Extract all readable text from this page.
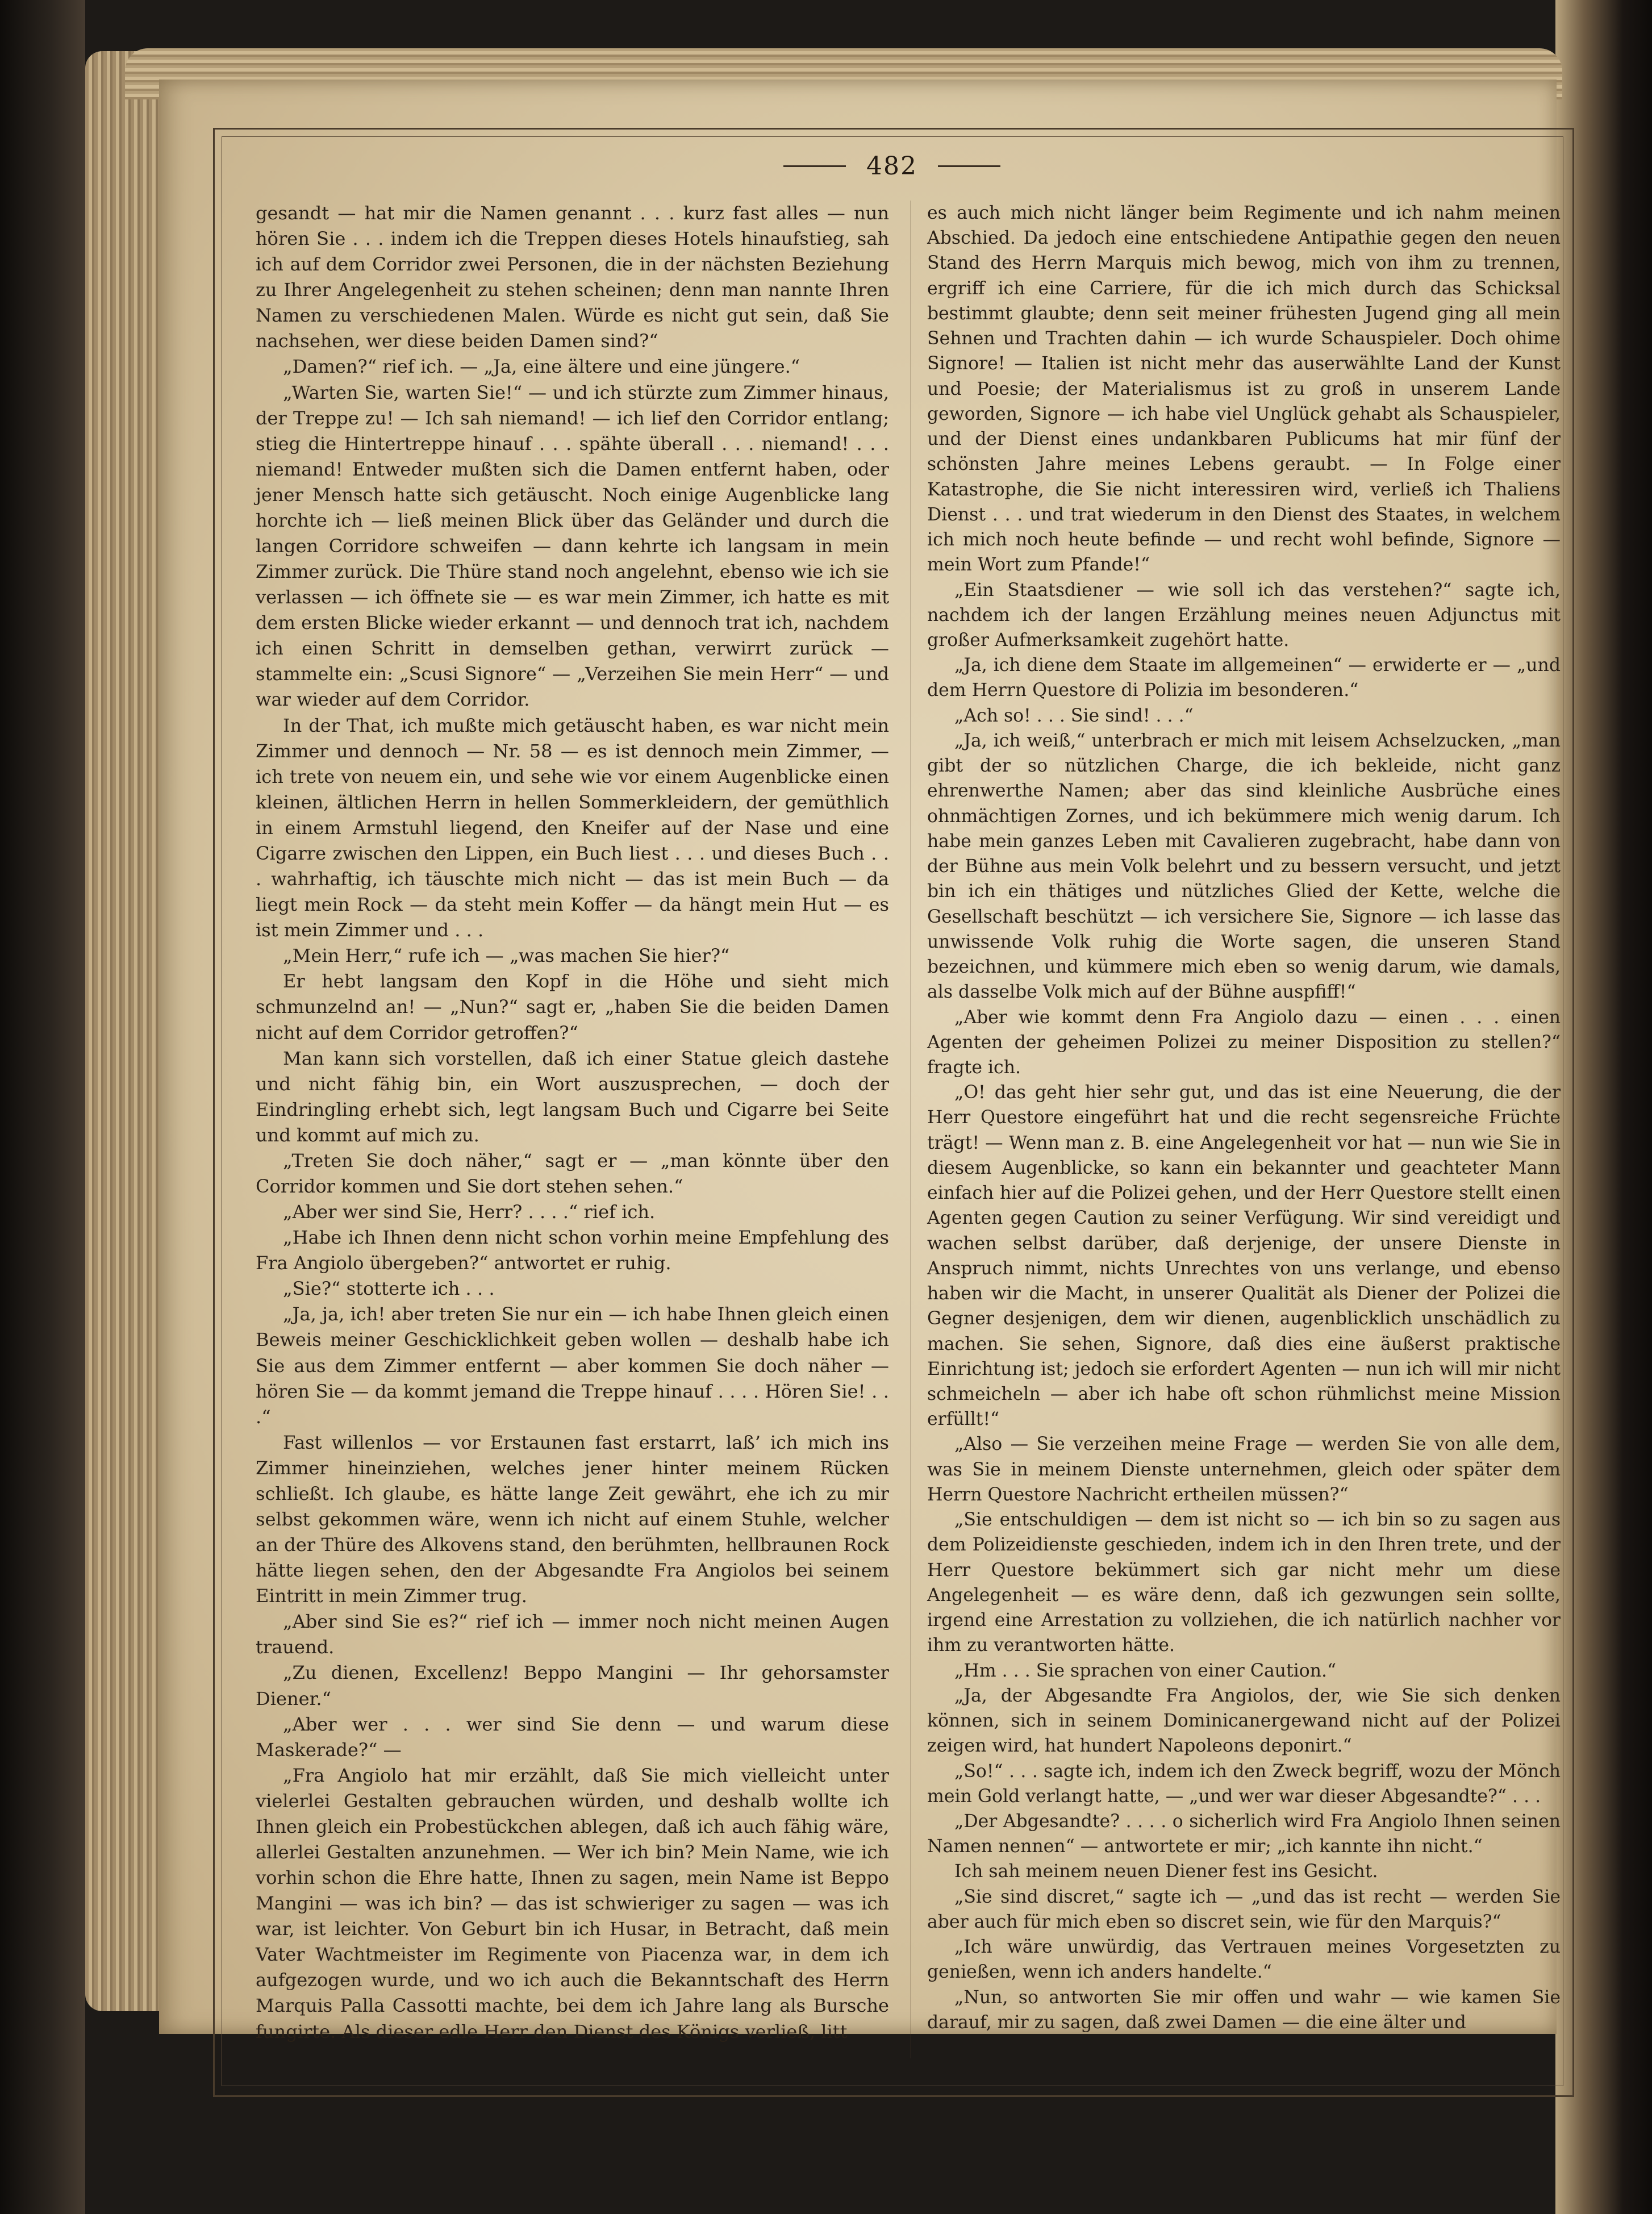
482

gesandt — hat mir die Namen genannt . . . kurz fast alles — nun hören Sie . . . indem ich die Treppen dieses Hotels hinaufstieg, sah ich auf dem Corridor zwei Personen, die in der nächsten Beziehung zu Ihrer Angelegenheit zu stehen scheinen; denn man nannte Ihren Namen zu verschiedenen Malen. Würde es nicht gut sein, daß Sie nachsehen, wer diese beiden Damen sind?“

„Damen?“ rief ich. — „Ja, eine ältere und eine jüngere.“

„Warten Sie, warten Sie!“ — und ich stürzte zum Zimmer hinaus, der Treppe zu! — Ich sah niemand! — ich lief den Corridor entlang; stieg die Hintertreppe hinauf . . . spähte überall . . . niemand! . . . niemand! Entweder mußten sich die Damen entfernt haben, oder jener Mensch hatte sich getäuscht. Noch einige Augenblicke lang horchte ich — ließ meinen Blick über das Geländer und durch die langen Corridore schweifen — dann kehrte ich langsam in mein Zimmer zurück. Die Thüre stand noch angelehnt, ebenso wie ich sie verlassen — ich öffnete sie — es war mein Zimmer, ich hatte es mit dem ersten Blicke wieder erkannt — und dennoch trat ich, nachdem ich einen Schritt in demselben gethan, verwirrt zurück — stammelte ein: „Scusi Signore“ — „Verzeihen Sie mein Herr“ — und war wieder auf dem Corridor.

In der That, ich mußte mich getäuscht haben, es war nicht mein Zimmer und dennoch — Nr. 58 — es ist dennoch mein Zimmer, — ich trete von neuem ein, und sehe wie vor einem Augenblicke einen kleinen, ältlichen Herrn in hellen Sommerkleidern, der gemüthlich in einem Armstuhl liegend, den Kneifer auf der Nase und eine Cigarre zwischen den Lippen, ein Buch liest . . . und dieses Buch . . . wahrhaftig, ich täuschte mich nicht — das ist mein Buch — da liegt mein Rock — da steht mein Koffer — da hängt mein Hut — es ist mein Zimmer und . . .

„Mein Herr,“ rufe ich — „was machen Sie hier?“

Er hebt langsam den Kopf in die Höhe und sieht mich schmunzelnd an! — „Nun?“ sagt er, „haben Sie die beiden Damen nicht auf dem Corridor getroffen?“

Man kann sich vorstellen, daß ich einer Statue gleich dastehe und nicht fähig bin, ein Wort auszusprechen, — doch der Eindringling erhebt sich, legt langsam Buch und Cigarre bei Seite und kommt auf mich zu.

„Treten Sie doch näher,“ sagt er — „man könnte über den Corridor kommen und Sie dort stehen sehen.“

„Aber wer sind Sie, Herr? . . . .“ rief ich.

„Habe ich Ihnen denn nicht schon vorhin meine Empfehlung des Fra Angiolo übergeben?“ antwortet er ruhig.

„Sie?“ stotterte ich . . .

„Ja, ja, ich! aber treten Sie nur ein — ich habe Ihnen gleich einen Beweis meiner Geschicklichkeit geben wollen — deshalb habe ich Sie aus dem Zimmer entfernt — aber kommen Sie doch näher — hören Sie — da kommt jemand die Treppe hinauf . . . . Hören Sie! . . .“

Fast willenlos — vor Erstaunen fast erstarrt, laß’ ich mich ins Zimmer hineinziehen, welches jener hinter meinem Rücken schließt. Ich glaube, es hätte lange Zeit gewährt, ehe ich zu mir selbst gekommen wäre, wenn ich nicht auf einem Stuhle, welcher an der Thüre des Alkovens stand, den berühmten, hellbraunen Rock hätte liegen sehen, den der Abgesandte Fra Angiolos bei seinem Eintritt in mein Zimmer trug.

„Aber sind Sie es?“ rief ich — immer noch nicht meinen Augen trauend.

„Zu dienen, Excellenz! Beppo Mangini — Ihr gehorsamster Diener.“

„Aber wer . . . wer sind Sie denn — und warum diese Maskerade?“ —

„Fra Angiolo hat mir erzählt, daß Sie mich vielleicht unter vielerlei Gestalten gebrauchen würden, und deshalb wollte ich Ihnen gleich ein Probestückchen ablegen, daß ich auch fähig wäre, allerlei Gestalten anzunehmen. — Wer ich bin? Mein Name, wie ich vorhin schon die Ehre hatte, Ihnen zu sagen, mein Name ist Beppo Mangini — was ich bin? — das ist schwieriger zu sagen — was ich war, ist leichter. Von Geburt bin ich Husar, in Betracht, daß mein Vater Wachtmeister im Regimente von Piacenza war, in dem ich aufgezogen wurde, und wo ich auch die Bekanntschaft des Herrn Marquis Palla Cassotti machte, bei dem ich Jahre lang als Bursche fungirte. Als dieser edle Herr den Dienst des Königs verließ, litt

es auch mich nicht länger beim Regimente und ich nahm meinen Abschied. Da jedoch eine entschiedene Antipathie gegen den neuen Stand des Herrn Marquis mich bewog, mich von ihm zu trennen, ergriff ich eine Carriere, für die ich mich durch das Schicksal bestimmt glaubte; denn seit meiner frühesten Jugend ging all mein Sehnen und Trachten dahin — ich wurde Schauspieler. Doch ohime Signore! — Italien ist nicht mehr das auserwählte Land der Kunst und Poesie; der Materialismus ist zu groß in unserem Lande geworden, Signore — ich habe viel Unglück gehabt als Schauspieler, und der Dienst eines undankbaren Publicums hat mir fünf der schönsten Jahre meines Lebens geraubt. — In Folge einer Katastrophe, die Sie nicht interessiren wird, verließ ich Thaliens Dienst . . . und trat wiederum in den Dienst des Staates, in welchem ich mich noch heute befinde — und recht wohl befinde, Signore — mein Wort zum Pfande!“

„Ein Staatsdiener — wie soll ich das verstehen?“ sagte ich, nachdem ich der langen Erzählung meines neuen Adjunctus mit großer Aufmerksamkeit zugehört hatte.

„Ja, ich diene dem Staate im allgemeinen“ — erwiderte er — „und dem Herrn Questore di Polizia im besonderen.“

„Ach so! . . . Sie sind! . . .“

„Ja, ich weiß,“ unterbrach er mich mit leisem Achselzucken, „man gibt der so nützlichen Charge, die ich bekleide, nicht ganz ehrenwerthe Namen; aber das sind kleinliche Ausbrüche eines ohnmächtigen Zornes, und ich bekümmere mich wenig darum. Ich habe mein ganzes Leben mit Cavalieren zugebracht, habe dann von der Bühne aus mein Volk belehrt und zu bessern versucht, und jetzt bin ich ein thätiges und nützliches Glied der Kette, welche die Gesellschaft beschützt — ich versichere Sie, Signore — ich lasse das unwissende Volk ruhig die Worte sagen, die unseren Stand bezeichnen, und kümmere mich eben so wenig darum, wie damals, als dasselbe Volk mich auf der Bühne auspfiff!“

„Aber wie kommt denn Fra Angiolo dazu — einen . . . einen Agenten der geheimen Polizei zu meiner Disposition zu stellen?“ fragte ich.

„O! das geht hier sehr gut, und das ist eine Neuerung, die der Herr Questore eingeführt hat und die recht segensreiche Früchte trägt! — Wenn man z. B. eine Angelegenheit vor hat — nun wie Sie in diesem Augenblicke, so kann ein bekannter und geachteter Mann einfach hier auf die Polizei gehen, und der Herr Questore stellt einen Agenten gegen Caution zu seiner Verfügung. Wir sind vereidigt und wachen selbst darüber, daß derjenige, der unsere Dienste in Anspruch nimmt, nichts Unrechtes von uns verlange, und ebenso haben wir die Macht, in unserer Qualität als Diener der Polizei die Gegner desjenigen, dem wir dienen, augenblicklich unschädlich zu machen. Sie sehen, Signore, daß dies eine äußerst praktische Einrichtung ist; jedoch sie erfordert Agenten — nun ich will mir nicht schmeicheln — aber ich habe oft schon rühmlichst meine Mission erfüllt!“

„Also — Sie verzeihen meine Frage — werden Sie von alle dem, was Sie in meinem Dienste unternehmen, gleich oder später dem Herrn Questore Nachricht ertheilen müssen?“

„Sie entschuldigen — dem ist nicht so — ich bin so zu sagen aus dem Polizeidienste geschieden, indem ich in den Ihren trete, und der Herr Questore bekümmert sich gar nicht mehr um diese Angelegenheit — es wäre denn, daß ich gezwungen sein sollte, irgend eine Arrestation zu vollziehen, die ich natürlich nachher vor ihm zu verantworten hätte.

„Hm . . . Sie sprachen von einer Caution.“

„Ja, der Abgesandte Fra Angiolos, der, wie Sie sich denken können, sich in seinem Dominicanergewand nicht auf der Polizei zeigen wird, hat hundert Napoleons deponirt.“

„So!“ . . . sagte ich, indem ich den Zweck begriff, wozu der Mönch mein Gold verlangt hatte, — „und wer war dieser Abgesandte?“ . . .

„Der Abgesandte? . . . . o sicherlich wird Fra Angiolo Ihnen seinen Namen nennen“ — antwortete er mir; „ich kannte ihn nicht.“

Ich sah meinem neuen Diener fest ins Gesicht.

„Sie sind discret,“ sagte ich — „und das ist recht — werden Sie aber auch für mich eben so discret sein, wie für den Marquis?“

„Ich wäre unwürdig, das Vertrauen meines Vorgesetzten zu genießen, wenn ich anders handelte.“

„Nun, so antworten Sie mir offen und wahr — wie kamen Sie darauf, mir zu sagen, daß zwei Damen — die eine älter und
